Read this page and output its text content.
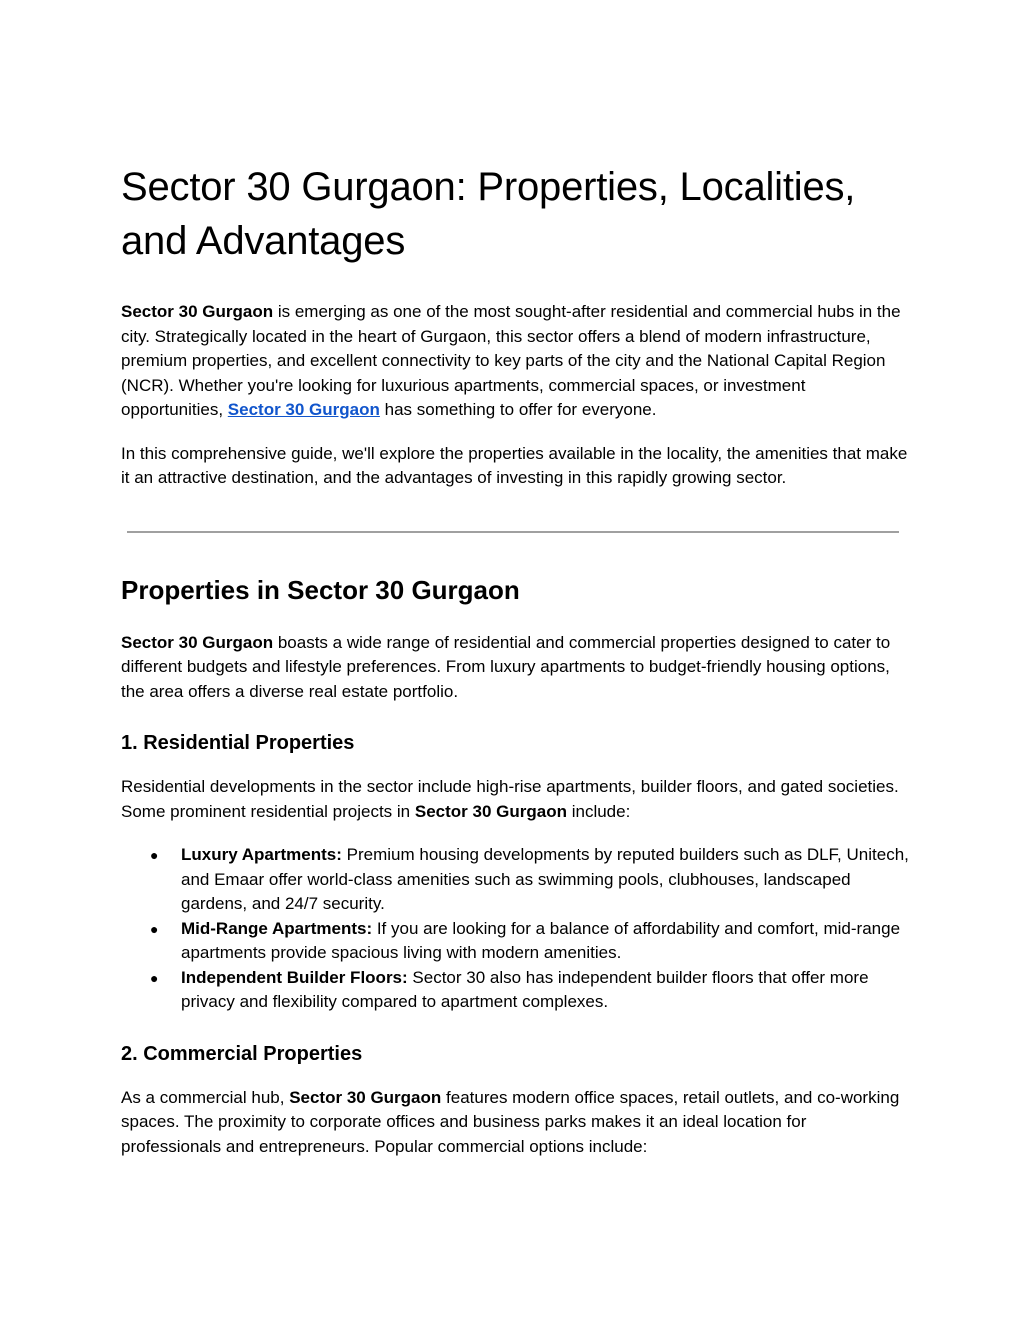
Sector 30 Gurgaon: Properties, Localities, and Advantages

Sector 30 Gurgaon is emerging as one of the most sought-after residential and commercial hubs in the city. Strategically located in the heart of Gurgaon, this sector offers a blend of modern infrastructure, premium properties, and excellent connectivity to key parts of the city and the National Capital Region (NCR). Whether you're looking for luxurious apartments, commercial spaces, or investment opportunities, Sector 30 Gurgaon has something to offer for everyone.

In this comprehensive guide, we'll explore the properties available in the locality, the amenities that make it an attractive destination, and the advantages of investing in this rapidly growing sector.

Properties in Sector 30 Gurgaon

Sector 30 Gurgaon boasts a wide range of residential and commercial properties designed to cater to different budgets and lifestyle preferences. From luxury apartments to budget-friendly housing options, the area offers a diverse real estate portfolio.

1. Residential Properties

Residential developments in the sector include high-rise apartments, builder floors, and gated societies. Some prominent residential projects in Sector 30 Gurgaon include:

● Luxury Apartments: Premium housing developments by reputed builders such as DLF, Unitech, and Emaar offer world-class amenities such as swimming pools, clubhouses, landscaped gardens, and 24/7 security.
● Mid-Range Apartments: If you are looking for a balance of affordability and comfort, mid-range apartments provide spacious living with modern amenities.
● Independent Builder Floors: Sector 30 also has independent builder floors that offer more privacy and flexibility compared to apartment complexes.
2. Commercial Properties

As a commercial hub, Sector 30 Gurgaon features modern office spaces, retail outlets, and co-working spaces. The proximity to corporate offices and business parks makes it an ideal location for professionals and entrepreneurs. Popular commercial options include:
